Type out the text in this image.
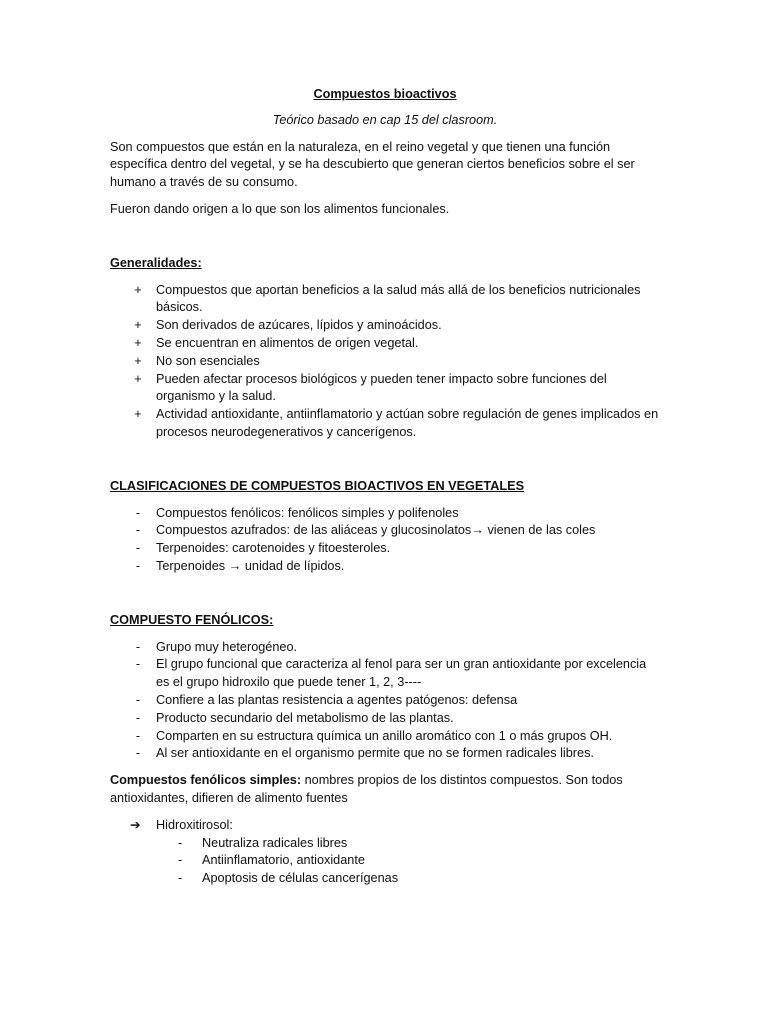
Compuestos bioactivos

Teórico basado en cap 15 del clasroom.

Son compuestos que están en la naturaleza, en el reino vegetal y que tienen una función específica dentro del vegetal, y se ha descubierto que generan ciertos beneficios sobre el ser humano a través de su consumo.

Fueron dando origen a lo que son los alimentos funcionales.

Generalidades:

+ Compuestos que aportan beneficios a la salud más allá de los beneficios nutricionales básicos.
+ Son derivados de azúcares, lípidos y aminoácidos.
+ Se encuentran en alimentos de origen vegetal.
+ No son esenciales
+ Pueden afectar procesos biológicos y pueden tener impacto sobre funciones del organismo y la salud.
+ Actividad antioxidante, antiinflamatorio y actúan sobre regulación de genes implicados en procesos neurodegenerativos y cancerígenos.

CLASIFICACIONES DE COMPUESTOS BIOACTIVOS EN VEGETALES

-	Compuestos fenólicos: fenólicos simples y polifenoles
-	Compuestos azufrados: de las aliáceas y glucosinolatos→ vienen de las coles
-	Terpenoides: carotenoides y fitoesteroles.
-	Terpenoides → unidad de lípidos.

COMPUESTO FENÓLICOS:

-	Grupo muy heterogéneo.
-	El grupo funcional que caracteriza al fenol para ser un gran antioxidante por excelencia es el grupo hidroxilo que puede tener 1, 2, 3----
-	Confiere a las plantas resistencia a agentes patógenos: defensa
-	Producto secundario del metabolismo de las plantas.
-	Comparten en su estructura química un anillo aromático con 1 o más grupos OH.
-	Al ser antioxidante en el organismo permite que no se formen radicales libres.

Compuestos fenólicos simples: nombres propios de los distintos compuestos. Son todos antioxidantes, difieren de alimento fuentes

➔ Hidroxitirosol:
- Neutraliza radicales libres
- Antiinflamatorio, antioxidante
- Apoptosis de células cancerígenas
